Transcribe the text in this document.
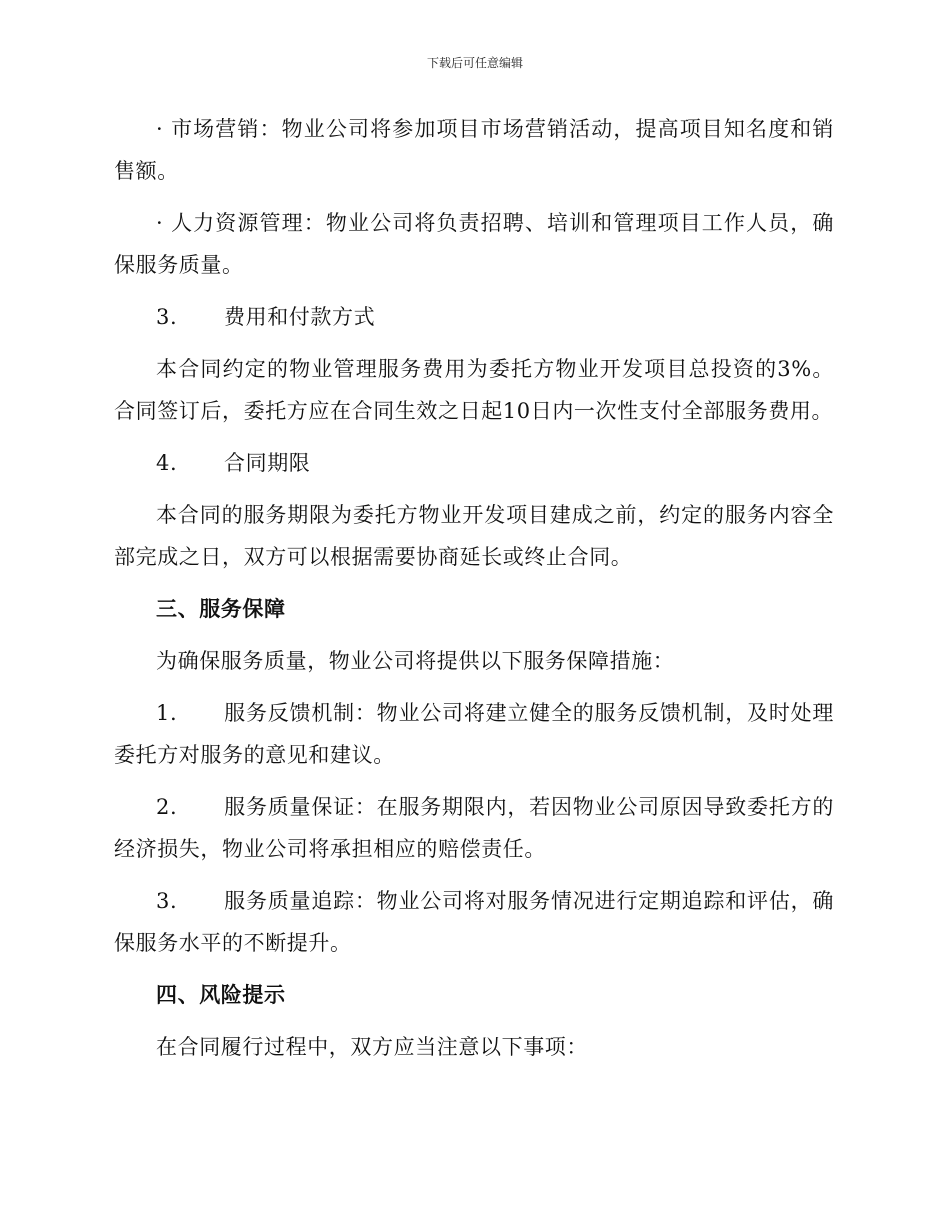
下载后可任意编辑

· 市场营销：物业公司将参加项目市场营销活动，提高项目知名度和销售额。

· 人力资源管理：物业公司将负责招聘、培训和管理项目工作人员，确保服务质量。

3. 费用和付款方式

本合同约定的物业管理服务费用为委托方物业开发项目总投资的3%。合同签订后，委托方应在合同生效之日起10日内一次性支付全部服务费用。

4. 合同期限

本合同的服务期限为委托方物业开发项目建成之前，约定的服务内容全部完成之日，双方可以根据需要协商延长或终止合同。

三、服务保障

为确保服务质量，物业公司将提供以下服务保障措施：

1. 服务反馈机制：物业公司将建立健全的服务反馈机制，及时处理委托方对服务的意见和建议。

2. 服务质量保证：在服务期限内，若因物业公司原因导致委托方的经济损失，物业公司将承担相应的赔偿责任。

3. 服务质量追踪：物业公司将对服务情况进行定期追踪和评估，确保服务水平的不断提升。

四、风险提示

在合同履行过程中，双方应当注意以下事项：
